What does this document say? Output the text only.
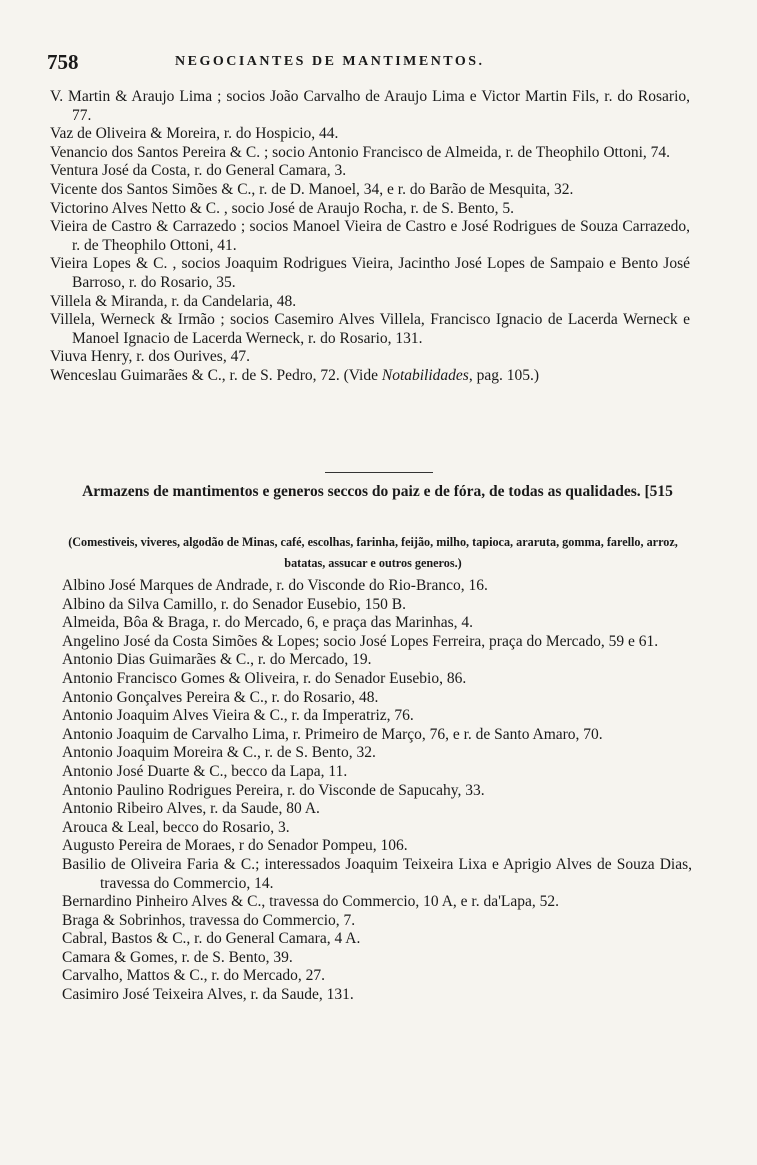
758	NEGOCIANTES DE MANTIMENTOS.
V. Martin & Araujo Lima ; socios João Carvalho de Araujo Lima e Victor Martin Fils, r. do Rosario, 77.
Vaz de Oliveira & Moreira, r. do Hospicio, 44.
Venancio dos Santos Pereira & C. ; socio Antonio Francisco de Almeida, r. de Theophilo Ottoni, 74.
Ventura José da Costa, r. do General Camara, 3.
Vicente dos Santos Simões & C., r. de D. Manoel, 34, e r. do Barão de Mesquita, 32.
Victorino Alves Netto & C. , socio José de Araujo Rocha, r. de S. Bento, 5.
Vieira de Castro & Carrazedo ; socios Manoel Vieira de Castro e José Rodrigues de Souza Carrazedo, r. de Theophilo Ottoni, 41.
Vieira Lopes & C. , socios Joaquim Rodrigues Vieira, Jacintho José Lopes de Sampaio e Bento José Barroso, r. do Rosario, 35.
Villela & Miranda, r. da Candelaria, 48.
Villela, Werneck & Irmão ; socios Casemiro Alves Villela, Francisco Ignacio de Lacerda Werneck e Manoel Ignacio de Lacerda Werneck, r. do Rosario, 131.
Viuva Henry, r. dos Ourives, 47.
Wenceslau Guimarães & C., r. de S. Pedro, 72. (Vide Notabilidades, pag. 105.)
Armazens de mantimentos e generos seccos do paiz e de fóra, de todas as qualidades. [515
(Comestiveis, viveres, algodão de Minas, café, escolhas, farinha, feijão, milho, tapioca, araruta, gomma, farello, arroz, batatas, assucar e outros generos.)
Albino José Marques de Andrade, r. do Visconde do Rio-Branco, 16.
Albino da Silva Camillo, r. do Senador Eusebio, 150 B.
Almeida, Bôa & Braga, r. do Mercado, 6, e praça das Marinhas, 4.
Angelino José da Costa Simões & Lopes; socio José Lopes Ferreira, praça do Mercado, 59 e 61.
Antonio Dias Guimarães & C., r. do Mercado, 19.
Antonio Francisco Gomes & Oliveira, r. do Senador Eusebio, 86.
Antonio Gonçalves Pereira & C., r. do Rosario, 48.
Antonio Joaquim Alves Vieira & C., r. da Imperatriz, 76.
Antonio Joaquim de Carvalho Lima, r. Primeiro de Março, 76, e r. de Santo Amaro, 70.
Antonio Joaquim Moreira & C., r. de S. Bento, 32.
Antonio José Duarte & C., becco da Lapa, 11.
Antonio Paulino Rodrigues Pereira, r. do Visconde de Sapucahy, 33.
Antonio Ribeiro Alves, r. da Saude, 80 A.
Arouca & Leal, becco do Rosario, 3.
Augusto Pereira de Moraes, r do Senador Pompeu, 106.
Basilio de Oliveira Faria & C.; interessados Joaquim Teixeira Lixa e Aprigio Alves de Souza Dias, travessa do Commercio, 14.
Bernardino Pinheiro Alves & C., travessa do Commercio, 10 A, e r. da'Lapa, 52.
Braga & Sobrinhos, travessa do Commercio, 7.
Cabral, Bastos & C., r. do General Camara, 4 A.
Camara & Gomes, r. de S. Bento, 39.
Carvalho, Mattos & C., r. do Mercado, 27.
Casimiro José Teixeira Alves, r. da Saude, 131.
